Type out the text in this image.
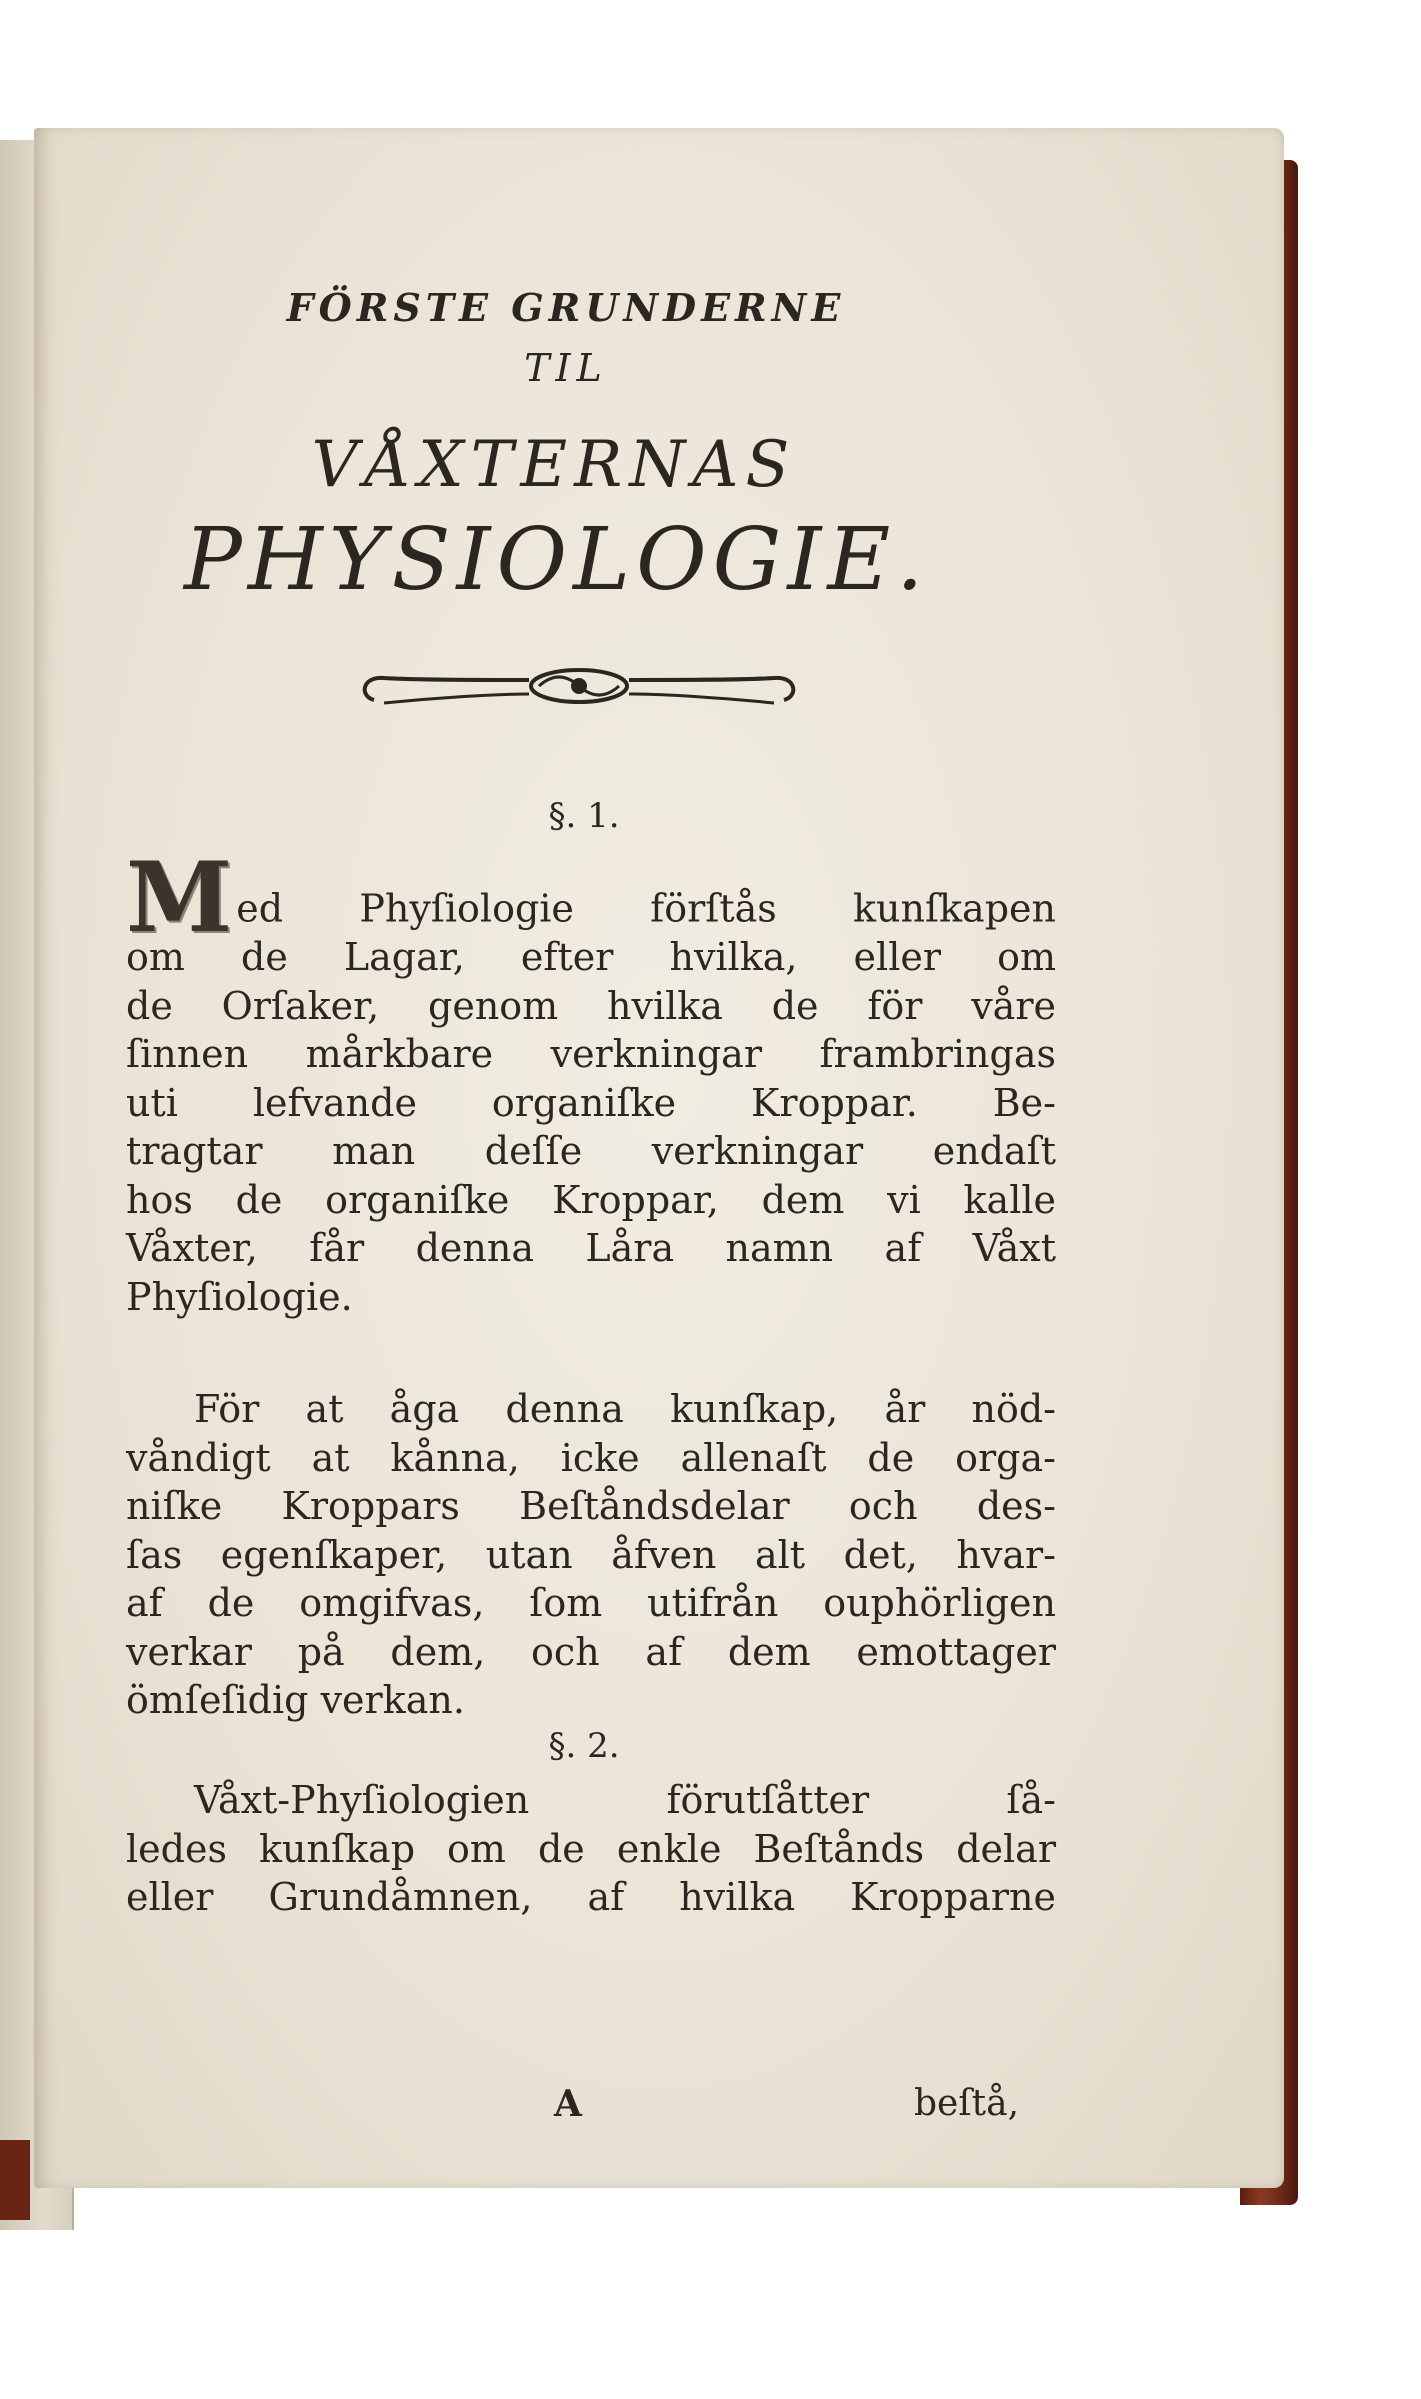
FÖRSTE GRUNDERNE
TIL
VÅXTERNAS
PHYSIOLOGIE.
§. 1.
Med Phyſiologie förſtås kunſkapen
om de Lagar, efter hvilka, eller om
de Orſaker, genom hvilka de för våre
ſinnen mårkbare verkningar frambringas
uti lefvande organiſke Kroppar. Be-
tragtar man deſſe verkningar endaſt
hos de organiſke Kroppar, dem vi kalle
Våxter, får denna Låra namn af Våxt
Phyſiologie.
För at åga denna kunſkap, år nöd-
våndigt at kånna, icke allenaſt de orga-
niſke Kroppars Beſtåndsdelar och des-
ſas egenſkaper, utan åfven alt det, hvar-
af de omgifvas, ſom utifrån ouphörligen
verkar på dem, och af dem emottager
ömſeſidig verkan.
§. 2.
Våxt-Phyſiologien förutſåtter ſå-
ledes kunſkap om de enkle Beſtånds delar
eller Grundåmnen, af hvilka Kropparne
A	beſtå,
